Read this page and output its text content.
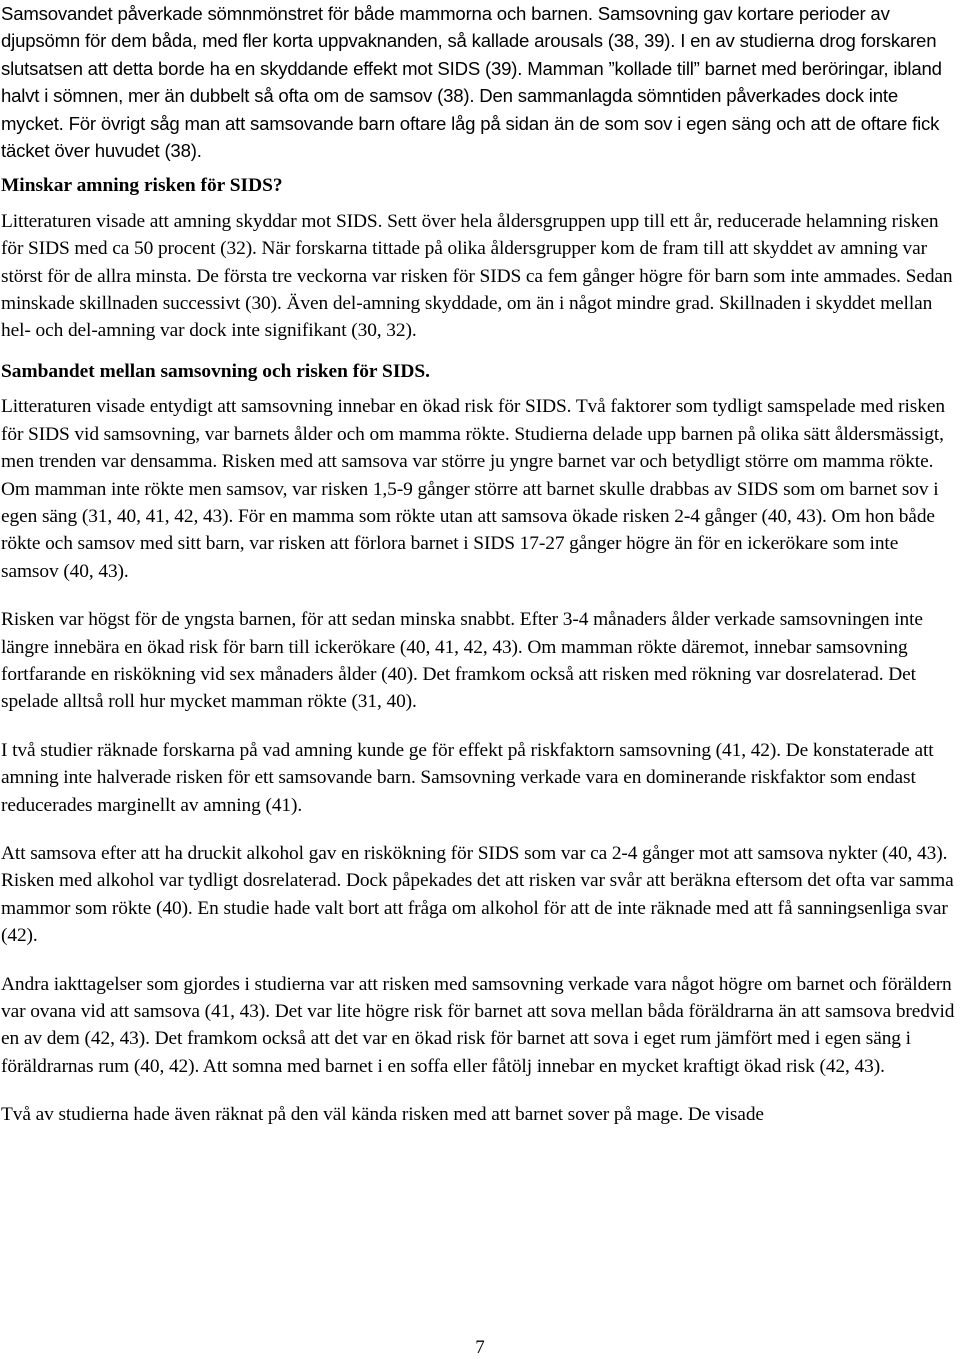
Samsovandet påverkade sömnmönstret för både mammorna och barnen. Samsovning gav kortare perioder av djupsömn för dem båda, med fler korta uppvaknanden, så kallade arousals (38, 39). I en av studierna drog forskaren slutsatsen att detta borde ha en skyddande effekt mot SIDS (39). Mamman ”kollade till” barnet med beröringar, ibland halvt i sömnen, mer än dubbelt så ofta om de samsov (38). Den sammanlagda sömntiden påverkades dock inte mycket. För övrigt såg man att samsovande barn oftare låg på sidan än de som sov i egen säng och att de oftare fick täcket över huvudet (38).

Minskar amning risken för SIDS?

Litteraturen visade att amning skyddar mot SIDS. Sett över hela åldersgruppen upp till ett år, reducerade helamning risken för SIDS med ca 50 procent (32). När forskarna tittade på olika åldersgrupper kom de fram till att skyddet av amning var störst för de allra minsta. De första tre veckorna var risken för SIDS ca fem gånger högre för barn som inte ammades. Sedan minskade skillnaden successivt (30). Även del-amning skyddade, om än i något mindre grad. Skillnaden i skyddet mellan hel- och del-amning var dock inte signifikant (30, 32).

Sambandet mellan samsovning och risken för SIDS.

Litteraturen visade entydigt att samsovning innebar en ökad risk för SIDS. Två faktorer som tydligt samspelade med risken för SIDS vid samsovning, var barnets ålder och om mamma rökte. Studierna delade upp barnen på olika sätt åldersmässigt, men trenden var densamma. Risken med att samsova var större ju yngre barnet var och betydligt större om mamma rökte. Om mamman inte rökte men samsov, var risken 1,5-9 gånger större att barnet skulle drabbas av SIDS som om barnet sov i egen säng (31, 40, 41, 42, 43). För en mamma som rökte utan att samsova ökade risken 2-4 gånger (40, 43). Om hon både rökte och samsov med sitt barn, var risken att förlora barnet i SIDS 17-27 gånger högre än för en ickerökare som inte samsov (40, 43).

Risken var högst för de yngsta barnen, för att sedan minska snabbt. Efter 3-4 månaders ålder verkade samsovningen inte längre innebära en ökad risk för barn till ickerökare (40, 41, 42, 43). Om mamman rökte däremot, innebar samsovning fortfarande en riskökning vid sex månaders ålder (40). Det framkom också att risken med rökning var dosrelaterad. Det spelade alltså roll hur mycket mamman rökte (31, 40).

I två studier räknade forskarna på vad amning kunde ge för effekt på riskfaktorn samsovning (41, 42). De konstaterade att amning inte halverade risken för ett samsovande barn. Samsovning verkade vara en dominerande riskfaktor som endast reducerades marginellt av amning (41).

Att samsova efter att ha druckit alkohol gav en riskökning för SIDS som var ca 2-4 gånger mot att samsova nykter (40, 43). Risken med alkohol var tydligt dosrelaterad. Dock påpekades det att risken var svår att beräkna eftersom det ofta var samma mammor som rökte (40). En studie hade valt bort att fråga om alkohol för att de inte räknade med att få sanningsenliga svar (42).

Andra iakttagelser som gjordes i studierna var att risken med samsovning verkade vara något högre om barnet och föräldern var ovana vid att samsova (41, 43). Det var lite högre risk för barnet att sova mellan båda föräldrarna än att samsova bredvid en av dem (42, 43). Det framkom också att det var en ökad risk för barnet att sova i eget rum jämfört med i egen säng i föräldrarnas rum (40, 42). Att somna med barnet i en soffa eller fåtölj innebar en mycket kraftigt ökad risk (42, 43).

Två av studierna hade även räknat på den väl kända risken med att barnet sover på mage. De visade

7
